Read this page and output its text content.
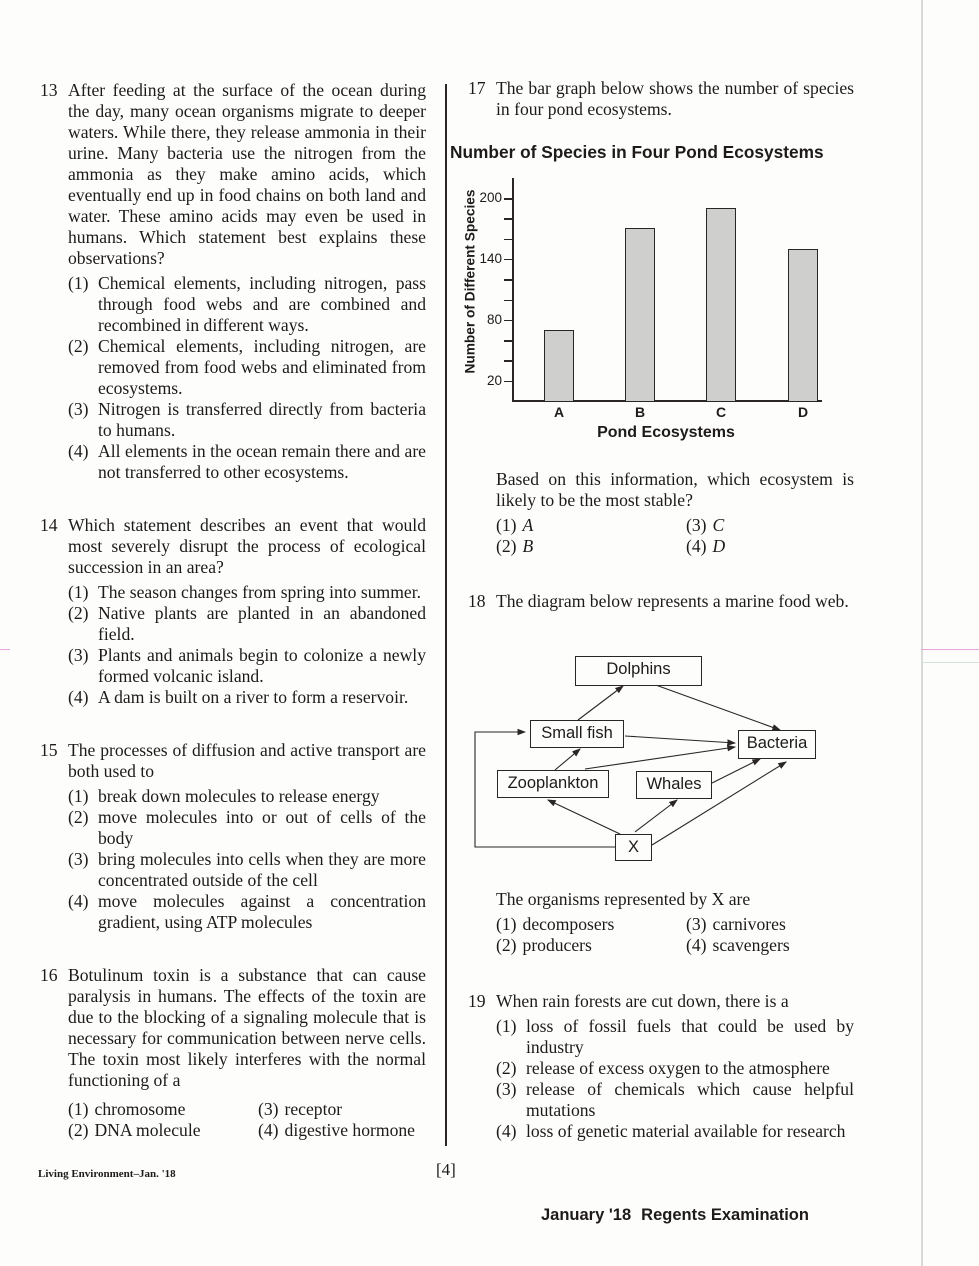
13 After feeding at the surface of the ocean during the day, many ocean organisms migrate to deeper waters. While there, they release ammonia in their urine. Many bacteria use the nitrogen from the ammonia as they make amino acids, which eventually end up in food chains on both land and water. These amino acids may even be used in humans. Which statement best explains these observations?
(1) Chemical elements, including nitrogen, pass through food webs and are combined and recombined in different ways.
(2) Chemical elements, including nitrogen, are removed from food webs and eliminated from ecosystems.
(3) Nitrogen is transferred directly from bacteria to humans.
(4) All elements in the ocean remain there and are not transferred to other ecosystems.
14 Which statement describes an event that would most severely disrupt the process of ecological succession in an area?
(1) The season changes from spring into summer.
(2) Native plants are planted in an abandoned field.
(3) Plants and animals begin to colonize a newly formed volcanic island.
(4) A dam is built on a river to form a reservoir.
15 The processes of diffusion and active transport are both used to
(1) break down molecules to release energy
(2) move molecules into or out of cells of the body
(3) bring molecules into cells when they are more concentrated outside of the cell
(4) move molecules against a concentration gradient, using ATP molecules
16 Botulinum toxin is a substance that can cause paralysis in humans. The effects of the toxin are due to the blocking of a signaling molecule that is necessary for communication between nerve cells. The toxin most likely interferes with the normal functioning of a
(1) chromosome	(3) receptor
(2) DNA molecule	(4) digestive hormone
17 The bar graph below shows the number of species in four pond ecosystems.
Number of Species in Four Pond Ecosystems
Number of Different Species
20
80
140
200
A	B	C	D
Pond Ecosystems
Based on this information, which ecosystem is likely to be the most stable?
(1) A	(3) C
(2) B	(4) D
18 The diagram below represents a marine food web.
Dolphins
Small fish
Bacteria
Zooplankton	Whales
X
The organisms represented by X are
(1) decomposers	(3) carnivores
(2) producers	(4) scavengers
19 When rain forests are cut down, there is a
(1) loss of fossil fuels that could be used by industry
(2) release of excess oxygen to the atmosphere
(3) release of chemicals which cause helpful mutations
(4) loss of genetic material available for research
Living Environment–Jan. '18	[4]
January '18 Regents Examination
